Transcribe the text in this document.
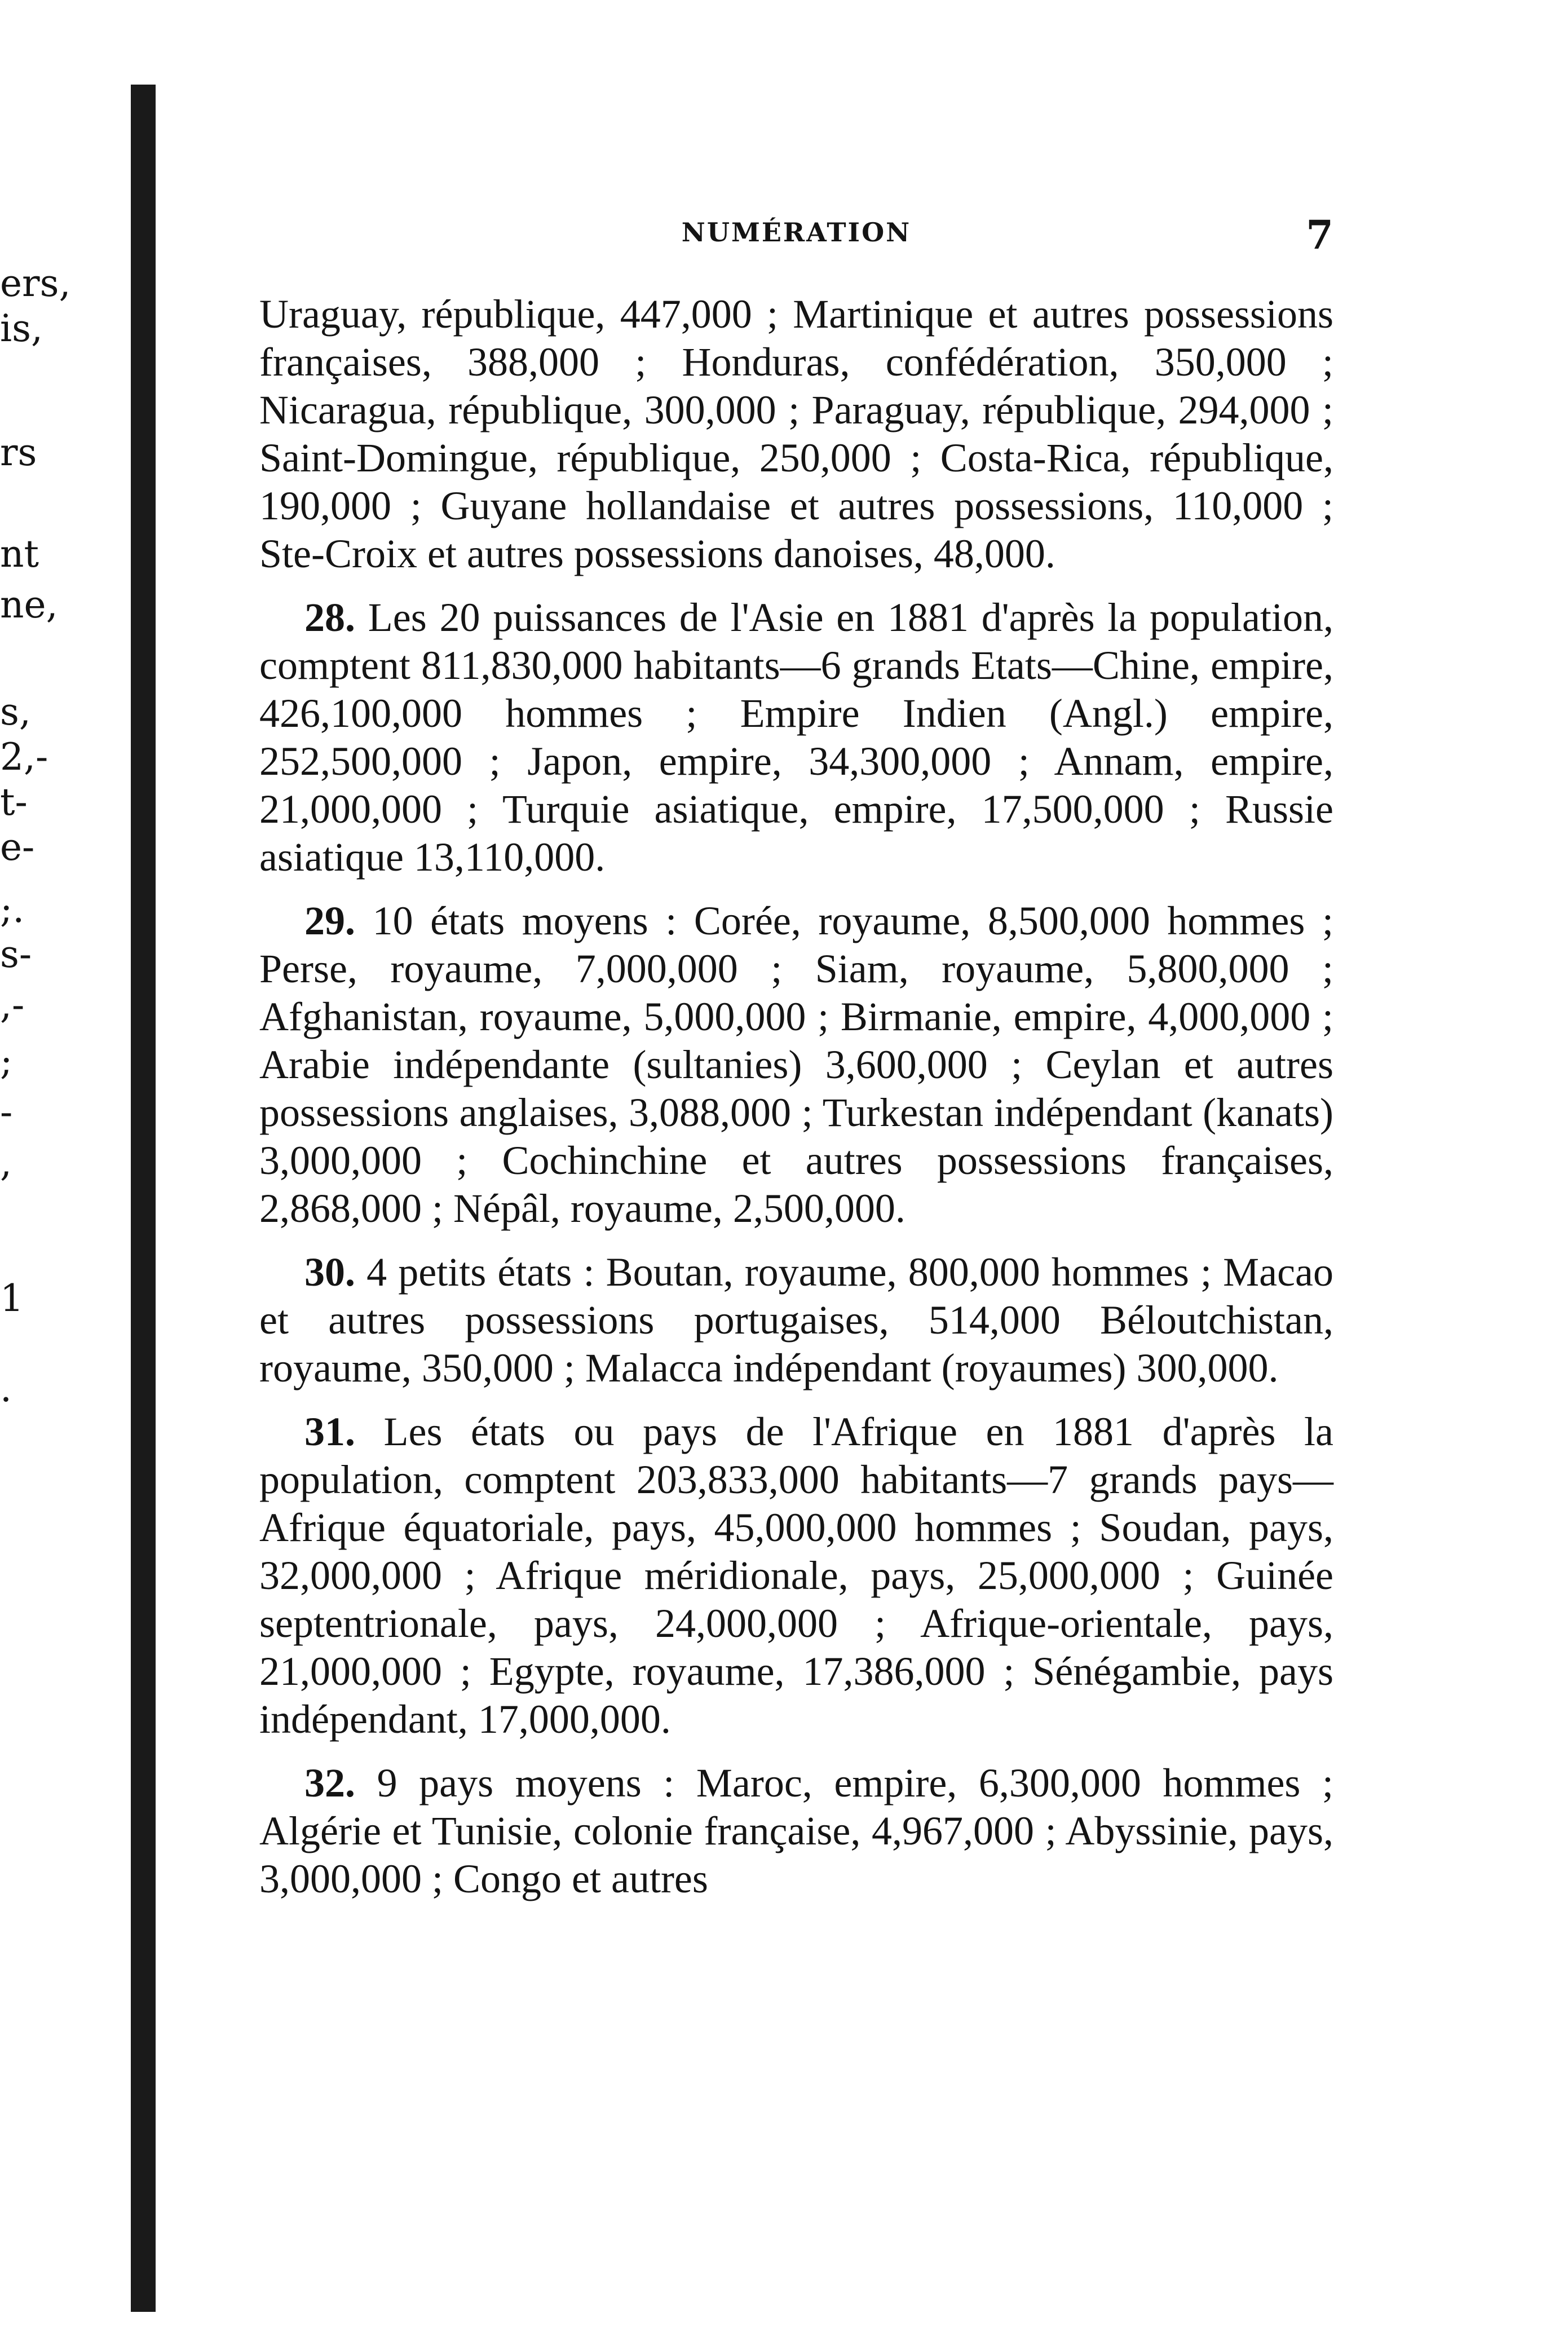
ers,
is,
rs
nt
ne,
s,
2,-
t-
e-
;.
s-
,-
;
-
,
1
.
NUMÉRATION	7

Uraguay, république, 447,000 ; Martinique et autres possessions françaises, 388,000 ; Honduras, confédération, 350,000 ; Nicaragua, république, 300,000 ; Paraguay, république, 294,000 ; Saint-Domingue, république, 250,000 ; Costa-Rica, république, 190,000 ; Guyane hollandaise et autres possessions, 110,000 ; Ste-Croix et autres possessions danoises, 48,000.

28. Les 20 puissances de l'Asie en 1881 d'après la population, comptent 811,830,000 habitants—6 grands Etats—Chine, empire, 426,100,000 hommes ; Empire Indien (Angl.) empire, 252,500,000 ; Japon, empire, 34,300,000 ; Annam, empire, 21,000,000 ; Turquie asiatique, empire, 17,500,000 ; Russie asiatique 13,110,000.

29. 10 états moyens : Corée, royaume, 8,500,000 hommes ; Perse, royaume, 7,000,000 ; Siam, royaume, 5,800,000 ; Afghanistan, royaume, 5,000,000 ; Birmanie, empire, 4,000,000 ; Arabie indépendante (sultanies) 3,600,000 ; Ceylan et autres possessions anglaises, 3,088,000 ; Turkestan indépendant (kanats) 3,000,000 ; Cochinchine et autres possessions françaises, 2,868,000 ; Népâl, royaume, 2,500,000.

30. 4 petits états : Boutan, royaume, 800,000 hommes ; Macao et autres possessions portugaises, 514,000 Béloutchistan, royaume, 350,000 ; Malacca indépendant (royaumes) 300,000.

31. Les états ou pays de l'Afrique en 1881 d'après la population, comptent 203,833,000 habitants—7 grands pays—Afrique équatoriale, pays, 45,000,000 hommes ; Soudan, pays, 32,000,000 ; Afrique méridionale, pays, 25,000,000 ; Guinée septentrionale, pays, 24,000,000 ; Afrique-orientale, pays, 21,000,000 ; Egypte, royaume, 17,386,000 ; Sénégambie, pays indépendant, 17,000,000.

32. 9 pays moyens : Maroc, empire, 6,300,000 hommes ; Algérie et Tunisie, colonie française, 4,967,000 ; Abyssinie, pays, 3,000,000 ; Congo et autres
